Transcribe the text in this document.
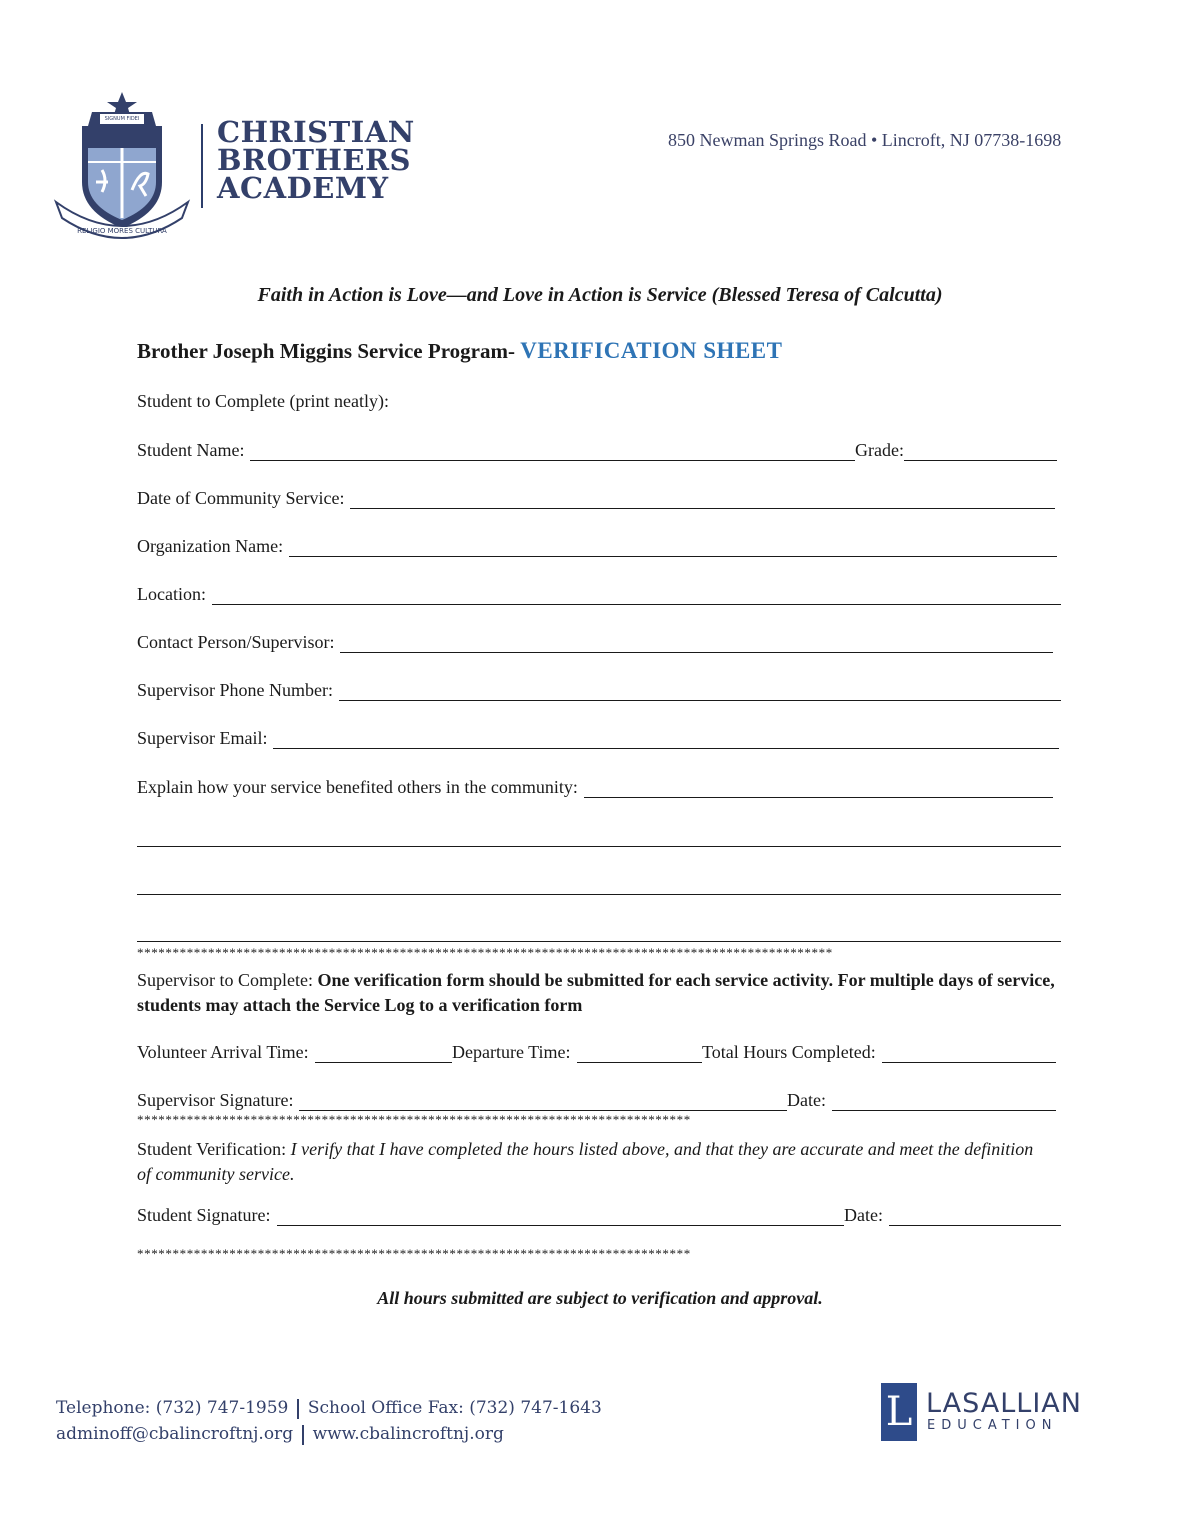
RELIGIO MORES CULTURA
SIGNUM FIDEI	CHRISTIAN
BROTHERS
ACADEMY
850 Newman Springs Road • Lincroft, NJ 07738-1698
Faith in Action is Love—and Love in Action is Service (Blessed Teresa of Calcutta)
Brother Joseph Miggins Service Program- VERIFICATION SHEET
Student to Complete (print neatly):
Student Name:	Grade:
Date of Community Service:
Organization Name:
Location:
Contact Person/Supervisor:
Supervisor Phone Number:
Supervisor Email:
Explain how your service benefited others in the community:
**************************************************************************************************
Supervisor to Complete: One verification form should be submitted for each service activity. For multiple days of service, students may attach the Service Log to a verification form
Volunteer Arrival Time:	Departure Time:	Total Hours Completed:
Supervisor Signature:	Date:
******************************************************************************
Student Verification: I verify that I have completed the hours listed above, and that they are accurate and meet the definition of community service.
Student Signature:	Date:
******************************************************************************
All hours submitted are subject to verification and approval.
Telephone: (732) 747-1959 School Office Fax: (732) 747-1643
adminoff@cbalincroftnj.org www.cbalincroftnj.org	L LASALLIAN
EDUCATION
